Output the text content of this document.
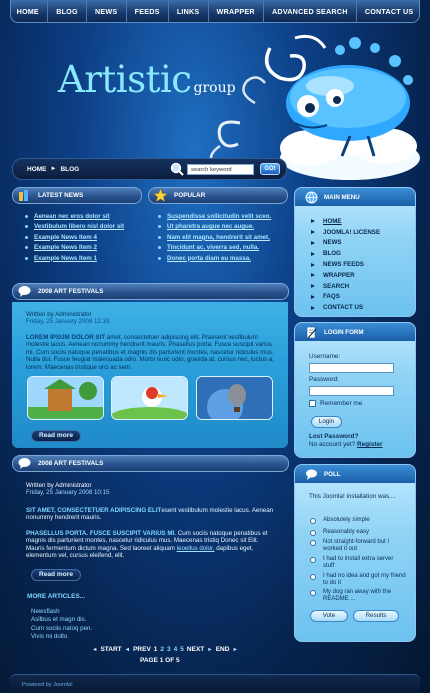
HOME	BLOG	NEWS	FEEDS	LINKS	WRAPPER	ADVANCED SEARCH	CONTACT US
Artistic group
HOME ► BLOG
search keyword	GO!
LATEST NEWS
Aenean nec eros dolor sit
Vestibulum libero nisl dolor sit
Example News Item 4
Example News Item 2
Example News Item 1
POPULAR
Suspendisse sollicitudin velit sceo.
Ut pharetra augue nec augue.
Nam elit magna, hendrerit sit amet,
Tincidunt ac, viverra sed, nulla.
Donec porta diam eu massa.
2008 ART FESTIVALS
Written by Administrator
Friday, 25 January 2008 12:33
LOREM IPSUM DOLOR SIT amet, consectetuer adipiscing elit. Praesent vestibulum molestie lacus. Aenean nonummy hendrerit mauris. Phasellus porta. Fusce suscipit varius mi. Cum sociis natoque penatibus et magnis dis parturient montes, nascetur ridiculus mus. Nulla dui. Fusce feugiat malesuada odio. Morbi nunc odio, gravida at, cursus nec, luctus a, lorem. Maecenas tristique orci ac sem.
Read more
2008 ART FESTIVALS
Written by Administrator
Friday, 25 January 2008 10:15
SIT AMET, CONSECTETUER ADIPISCING ELITesent vestibulum molestie lacus. Aenean nonummy hendrerit mauris.
PHASELLUS PORTA. FUSCE SUSCIPIT VARIUS MI. Cum sociis natoque penatibus et magnis dis parturient montes, nascetur ridiculus mus. Maecenas tristiq Donec sit Elit. Mauris fermentum dictum magna. Sed laoreet aliquam leoellus dolor, dapibus eget, elementum vel, cursus eleifend, elit.
Read more
MORE ARTICLES...
Newsflash
Asilbus et magn dis.
Cum sociis natoq pen.
Vivis mi dolto.
◄ START ◄ PREV 1 2 3 4 5 NEXT ► END ►
PAGE 1 OF 5
MAIN MENU
HOME
JOOMLA! LICENSE
NEWS
BLOG
NEWS FEEDS
WRAPPER
SEARCH
FAQS
CONTACT US
LOGIN FORM
Username:
Password:
Remember me
Login
Lost Password?
No account yet? Register
POLL
This Joomla! installation was....
Absolutely simple
Reasonably easy
Not straight-forward but I worked it out
I had to install extra server stuff
I had no idea and got my friend to do it
My dog ran away with the README ...
Vote	Results
Powered by Joomla!
